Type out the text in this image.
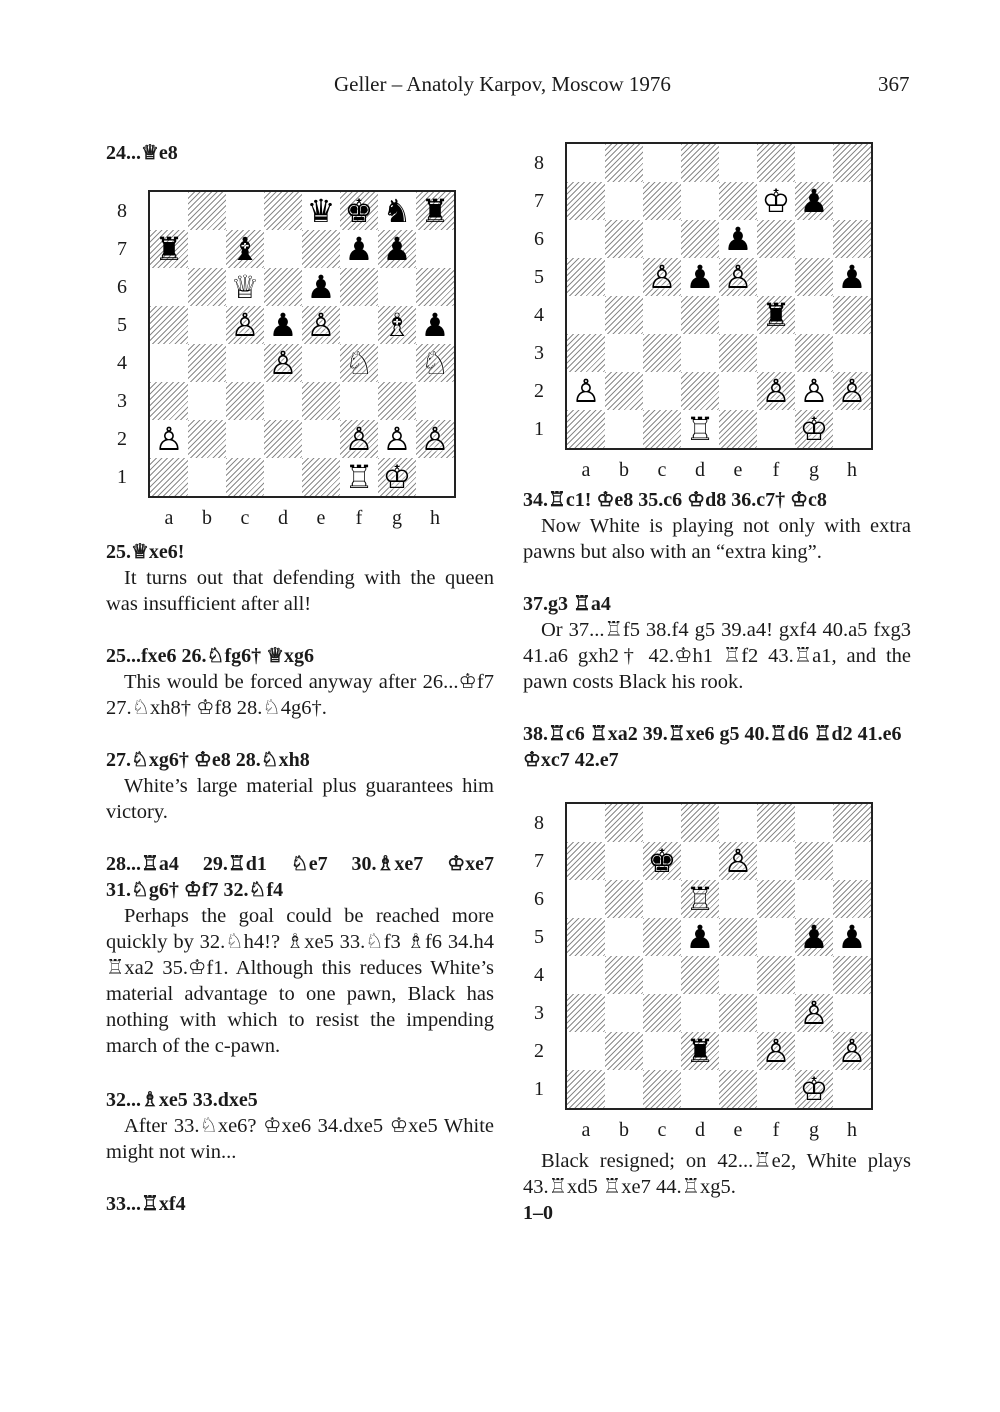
Geller – Anatoly Karpov, Moscow 1976	367
24...♕e8
♛ ♚ ♞ ♜
♜ ♝	♟ ♟
♕ ♟
♙ ♟ ♙ ♗ ♟
♙ ♘ ♘
♙	♙ ♙ ♙
♖ ♔
8
7
6
5
4
3
2
1
a	b	c	d	e	f	g	h
25.♕xe6!
It turns out that defending with the queen was insufficient after all!
25...fxe6 26.♘fg6† ♕xg6
This would be forced anyway after 26...♔f7 27.♘xh8† ♔f8 28.♘4g6†.
27.♘xg6† ♔e8 28.♘xh8
White’s large material plus guarantees him victory.
28...♖a4 29.♖d1 ♘e7 30.♗xe7 ♔xe7
31.♘g6† ♔f7 32.♘f4
Perhaps the goal could be reached more quickly by 32.♘h4!? ♗xe5 33.♘f3 ♗f6 34.h4 ♖xa2 35.♔f1. Although this reduces White’s material advantage to one pawn, Black has nothing with which to resist the impending march of the c-pawn.
32...♗xe5 33.dxe5
After 33.♘xe6? ♔xe6 34.dxe5 ♔xe5 White might not win...
33...♖xf4
♔ ♟
♟
♙ ♟ ♙	♟
♜
♙	♙ ♙ ♙
♖	♔
8
7
6
5
4
3
2
1
a	b	c	d	e	f	g	h
34.♖c1! ♔e8 35.c6 ♔d8 36.c7† ♔c8
Now White is playing not only with extra pawns but also with an “extra king”.
37.g3 ♖a4
Or 37...♖f5 38.f4 g5 39.a4! gxf4 40.a5 fxg3 41.a6 gxh2† 42.♔h1 ♖f2 43.♖a1, and the pawn costs Black his rook.
38.♖c6 ♖xa2 39.♖xe6 g5 40.♖d6 ♖d2 41.e6 ♔xc7 42.e7
♚ ♙
♖
♟	♟ ♟
♙
♜ ♙ ♙
♔
8
7
6
5
4
3
2
1
a	b	c	d	e	f	g	h
Black resigned; on 42...♖e2, White plays 43.♖xd5 ♖xe7 44.♖xg5.
1–0
